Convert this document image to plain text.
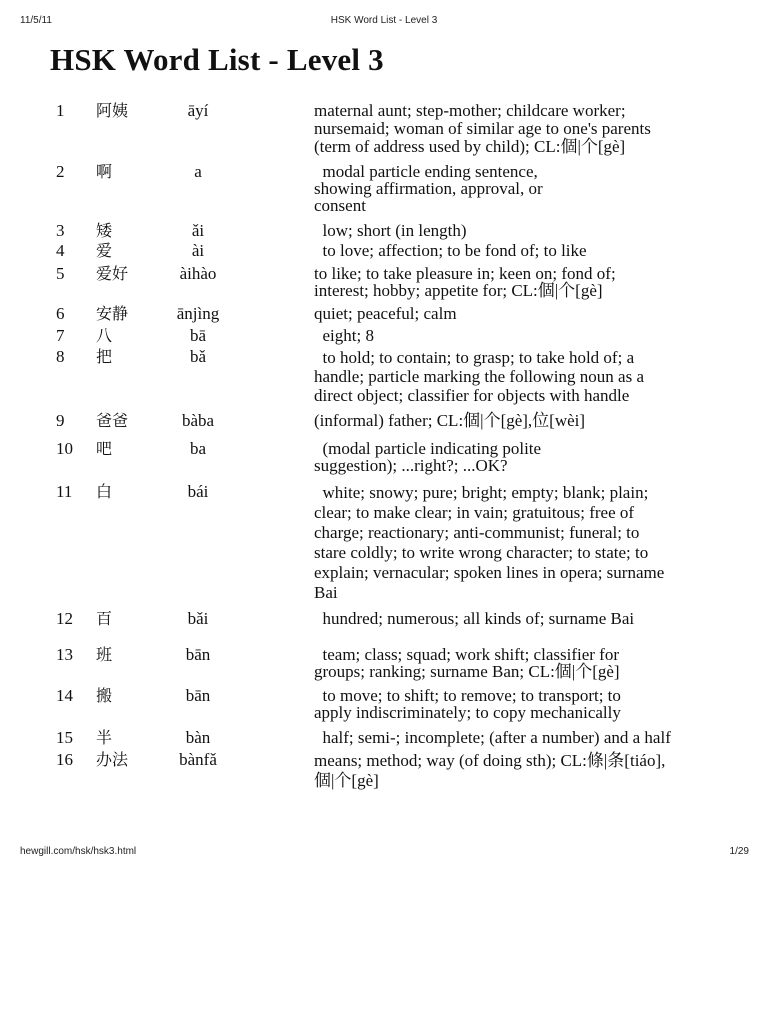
11/5/11	HSK Word List - Level 3
HSK Word List - Level 3
1	阿姨	āyí	maternal aunt; step-mother; childcare worker;
nursemaid; woman of similar age to one's parents
(term of address used by child); CL:個|个[gè]
2	啊	a	modal particle ending sentence,
showing affirmation, approval, or
consent
3	矮	ǎi	low; short (in length)
4	爱	ài	to love; affection; to be fond of; to like
5	爱好	àihào	to like; to take pleasure in; keen on; fond of;
interest; hobby; appetite for; CL:個|个[gè]
6	安静	ānjìng	quiet; peaceful; calm
7	八	bā	eight; 8
8	把	bǎ	to hold; to contain; to grasp; to take hold of; a
handle; particle marking the following noun as a
direct object; classifier for objects with handle
9	爸爸	bàba	(informal) father; CL:個|个[gè],位[wèi]
10	吧	ba	(modal particle indicating polite
suggestion); ...right?; ...OK?
11	白	bái	white; snowy; pure; bright; empty; blank; plain;
clear; to make clear; in vain; gratuitous; free of
charge; reactionary; anti-communist; funeral; to
stare coldly; to write wrong character; to state; to
explain; vernacular; spoken lines in opera; surname
Bai
12	百	bǎi	hundred; numerous; all kinds of; surname Bai
13	班	bān	team; class; squad; work shift; classifier for
groups; ranking; surname Ban; CL:個|个[gè]
14	搬	bān	to move; to shift; to remove; to transport; to
apply indiscriminately; to copy mechanically
15	半	bàn	half; semi-; incomplete; (after a number) and a half
16	办法	bànfǎ	means; method; way (of doing sth); CL:條|条[tiáo],
個|个[gè]
hewgill.com/hsk/hsk3.html	1/29
